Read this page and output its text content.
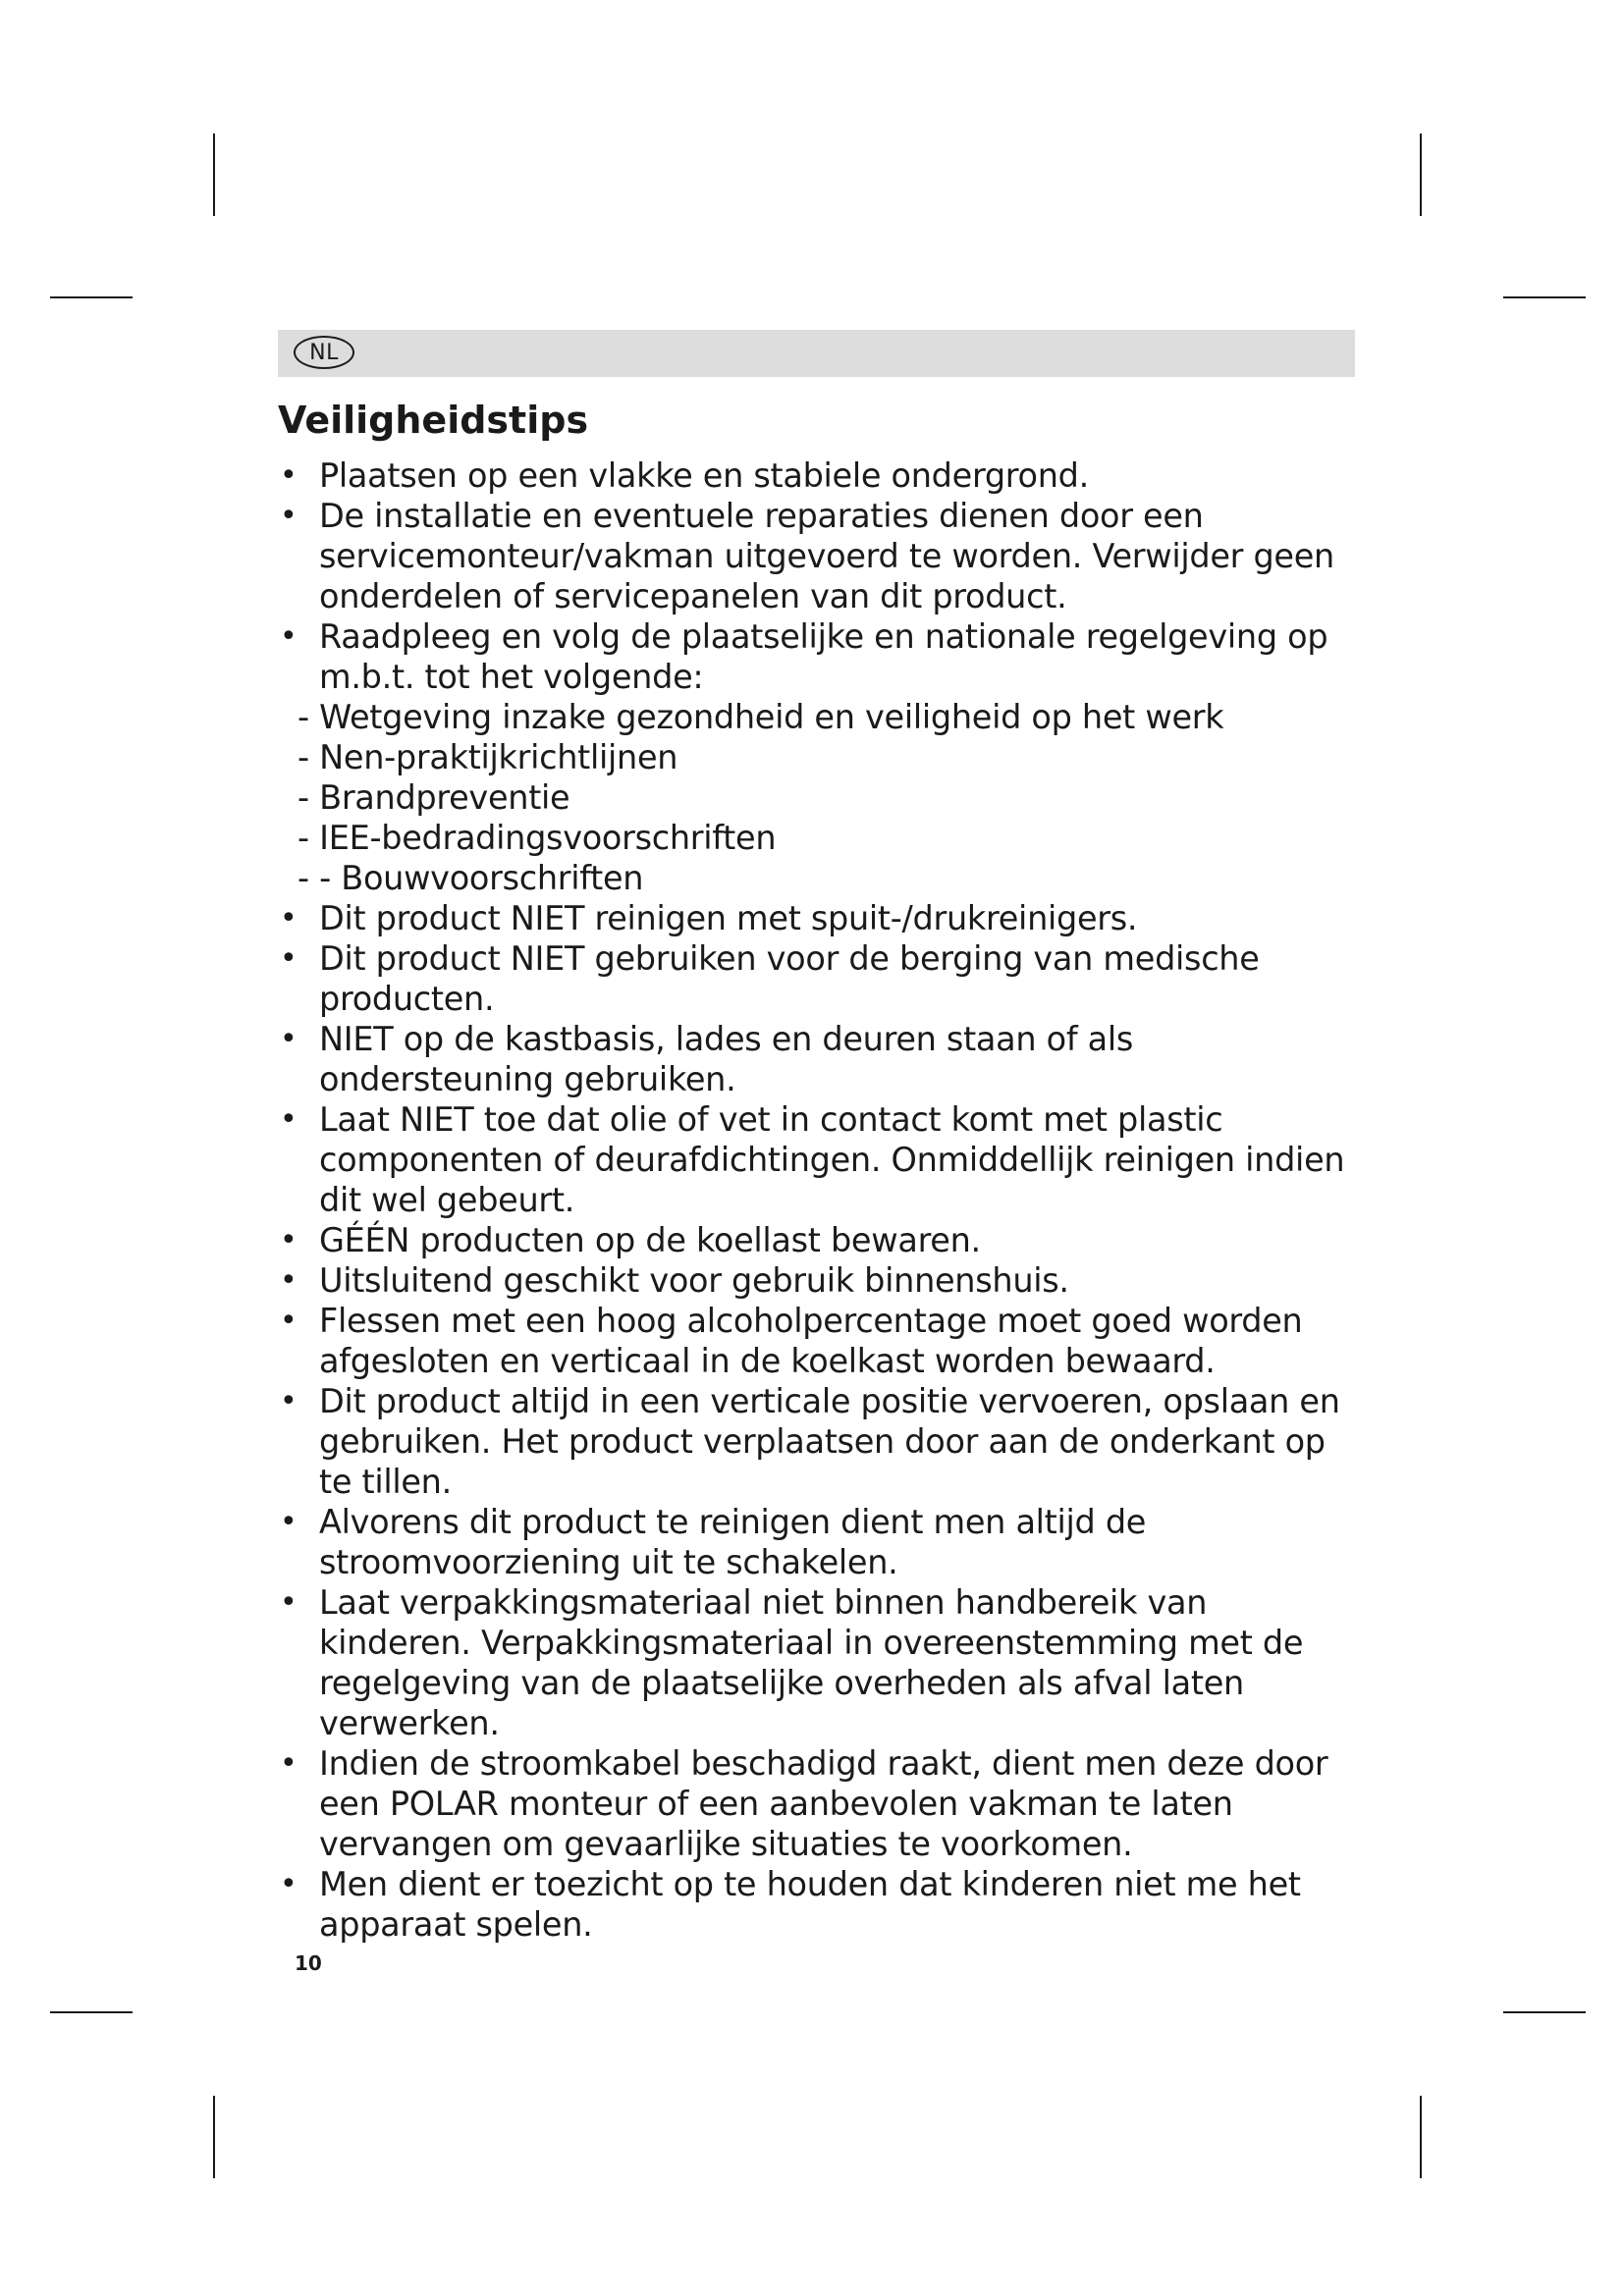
NL
Veiligheidstips
• Plaatsen op een vlakke en stabiele ondergrond.
• De installatie en eventuele reparaties dienen door een servicemonteur/vakman uitgevoerd te worden. Verwijder geen onderdelen of servicepanelen van dit product.
• Raadpleeg en volg de plaatselijke en nationale regelgeving op m.b.t. tot het volgende:
- Wetgeving inzake gezondheid en veiligheid op het werk
- Nen-praktijkrichtlijnen
- Brandpreventie
- IEE-bedradingsvoorschriften
- - Bouwvoorschriften
• Dit product NIET reinigen met spuit-/drukreinigers.
• Dit product NIET gebruiken voor de berging van medische producten.
• NIET op de kastbasis, lades en deuren staan of als ondersteuning gebruiken.
• Laat NIET toe dat olie of vet in contact komt met plastic componenten of deurafdichtingen. Onmiddellijk reinigen indien dit wel gebeurt.
• GÉÉN producten op de koellast bewaren.
• Uitsluitend geschikt voor gebruik binnenshuis.
• Flessen met een hoog alcoholpercentage moet goed worden afgesloten en verticaal in de koelkast worden bewaard.
• Dit product altijd in een verticale positie vervoeren, opslaan en gebruiken. Het product verplaatsen door aan de onderkant op te tillen.
• Alvorens dit product te reinigen dient men altijd de stroomvoorziening uit te schakelen.
• Laat verpakkingsmateriaal niet binnen handbereik van kinderen. Verpakkingsmateriaal in overeenstemming met de regelgeving van de plaatselijke overheden als afval laten verwerken.
• Indien de stroomkabel beschadigd raakt, dient men deze door een POLAR monteur of een aanbevolen vakman te laten vervangen om gevaarlijke situaties te voorkomen.
• Men dient er toezicht op te houden dat kinderen niet me het apparaat spelen.
10
